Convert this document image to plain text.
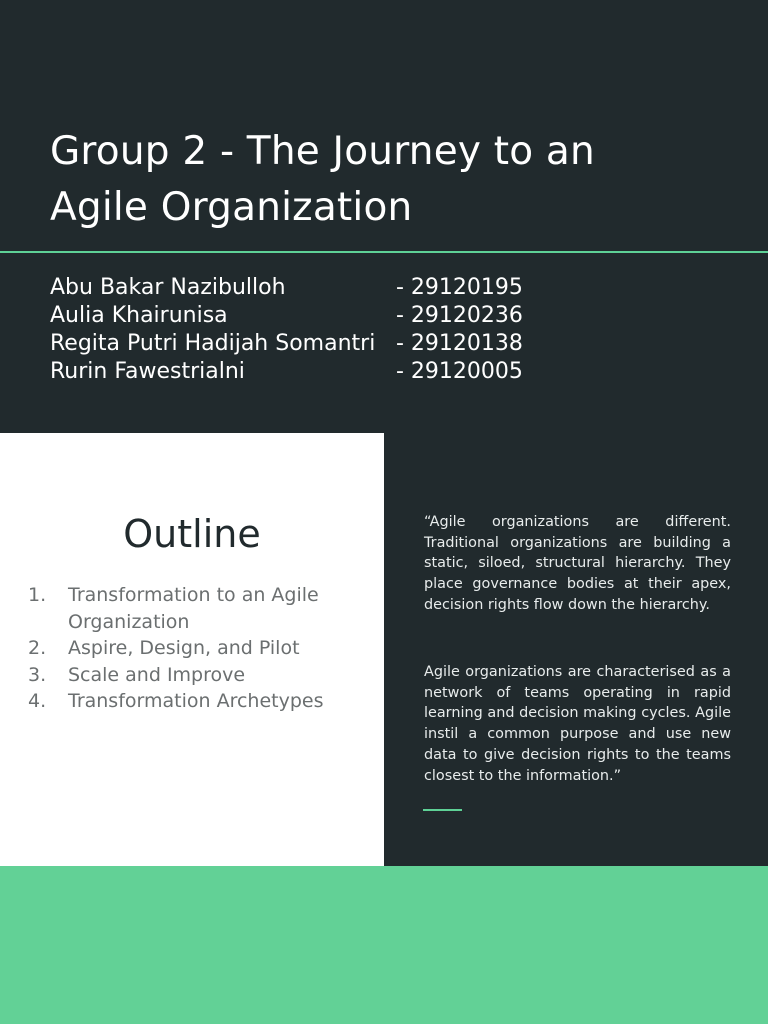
Group 2 - The Journey to an
Agile Organization
Abu Bakar Nazibulloh	- 29120195
Aulia Khairunisa	- 29120236
Regita Putri Hadijah Somantri - 29120138
Rurin Fawestrialni	- 29120005
Outline
1.	Transformation to an Agile Organization
2.	Aspire, Design, and Pilot
3.	Scale and Improve
4.	Transformation Archetypes

“Agile organizations are different. Traditional organizations are building a static, siloed, structural hierarchy. They place governance bodies at their apex, decision rights flow down the hierarchy.

Agile organizations are characterised as a network of teams operating in rapid learning and decision making cycles. Agile instil a common purpose and use new data to give decision rights to the teams closest to the information.”
